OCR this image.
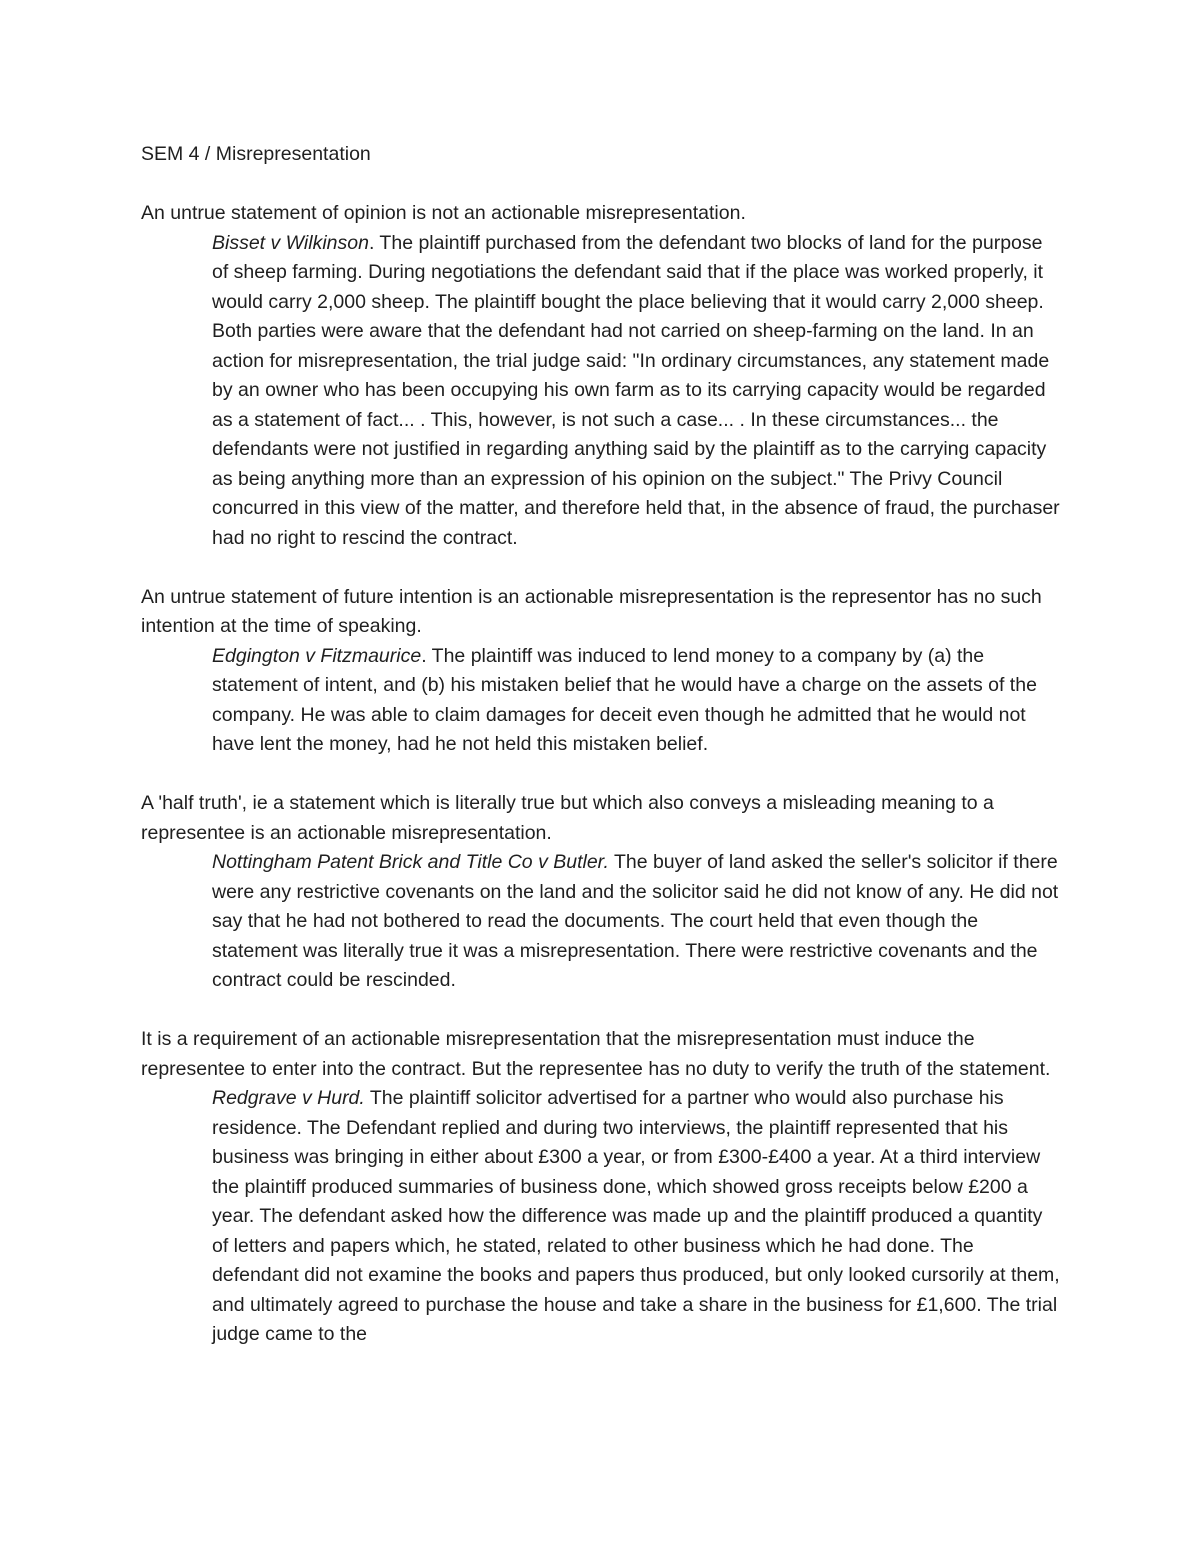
SEM 4 / Misrepresentation

An untrue statement of opinion is not an actionable misrepresentation.

Bisset v Wilkinson. The plaintiff purchased from the defendant two blocks of land for the purpose of sheep farming. During negotiations the defendant said that if the place was worked properly, it would carry 2,000 sheep. The plaintiff bought the place believing that it would carry 2,000 sheep. Both parties were aware that the defendant had not carried on sheep-farming on the land. In an action for misrepresentation, the trial judge said: "In ordinary circumstances, any statement made by an owner who has been occupying his own farm as to its carrying capacity would be regarded as a statement of fact... . This, however, is not such a case... . In these circumstances... the defendants were not justified in regarding anything said by the plaintiff as to the carrying capacity as being anything more than an expression of his opinion on the subject." The Privy Council concurred in this view of the matter, and therefore held that, in the absence of fraud, the purchaser had no right to rescind the contract.

An untrue statement of future intention is an actionable misrepresentation is the representor has no such intention at the time of speaking.

Edgington v Fitzmaurice. The plaintiff was induced to lend money to a company by (a) the statement of intent, and (b) his mistaken belief that he would have a charge on the assets of the company. He was able to claim damages for deceit even though he admitted that he would not have lent the money, had he not held this mistaken belief.

A 'half truth', ie a statement which is literally true but which also conveys a misleading meaning to a representee is an actionable misrepresentation.

Nottingham Patent Brick and Title Co v Butler. The buyer of land asked the seller's solicitor if there were any restrictive covenants on the land and the solicitor said he did not know of any. He did not say that he had not bothered to read the documents. The court held that even though the statement was literally true it was a misrepresentation. There were restrictive covenants and the contract could be rescinded.

It is a requirement of an actionable misrepresentation that the misrepresentation must induce the representee to enter into the contract. But the representee has no duty to verify the truth of the statement.

Redgrave v Hurd. The plaintiff solicitor advertised for a partner who would also purchase his residence. The Defendant replied and during two interviews, the plaintiff represented that his business was bringing in either about £300 a year, or from £300-£400 a year. At a third interview the plaintiff produced summaries of business done, which showed gross receipts below £200 a year. The defendant asked how the difference was made up and the plaintiff produced a quantity of letters and papers which, he stated, related to other business which he had done. The defendant did not examine the books and papers thus produced, but only looked cursorily at them, and ultimately agreed to purchase the house and take a share in the business for £1,600. The trial judge came to the
